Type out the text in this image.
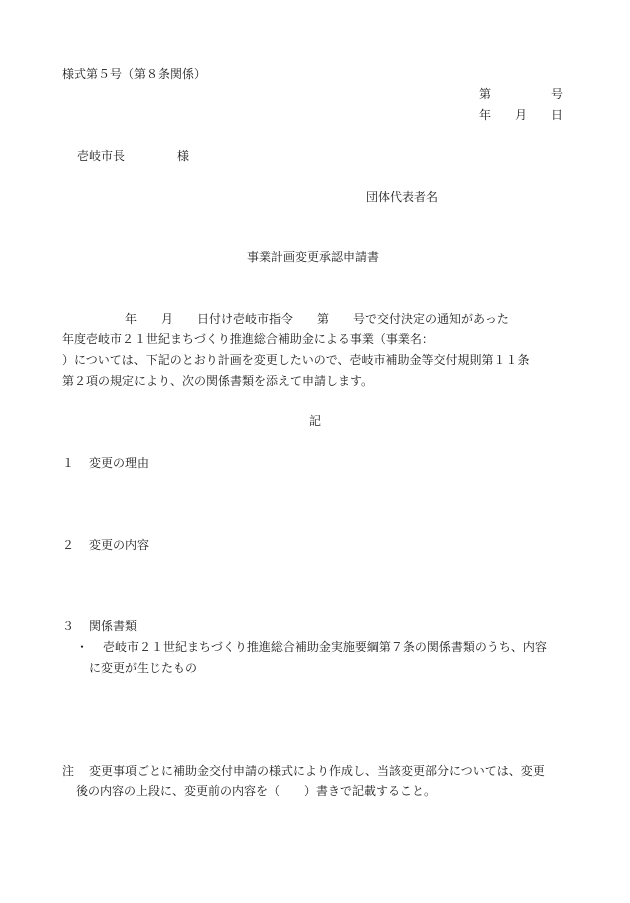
様式第５号（第８条関係）
第　　　　　号
年　　月　　日
壱岐市長	様
団体代表者名
事業計画変更承認申請書
年　　月　　日付け壱岐市指令　　第　　号で交付決定の通知があった
年度壱岐市２１世紀まちづくり推進総合補助金による事業（事業名：
）については、下記のとおり計画を変更したいので、壱岐市補助金等交付規則第１１条
第２項の規定により、次の関係書類を添えて申請します。
記
１ 変更の理由
２ 変更の内容
３ 関係書類
・ 壱岐市２１世紀まちづくり推進総合補助金実施要綱第７条の関係書類のうち、内容
に変更が生じたもの
注 変更事項ごとに補助金交付申請の様式により作成し、当該変更部分については、変更
後の内容の上段に、変更前の内容を（　　）書きで記載すること。
